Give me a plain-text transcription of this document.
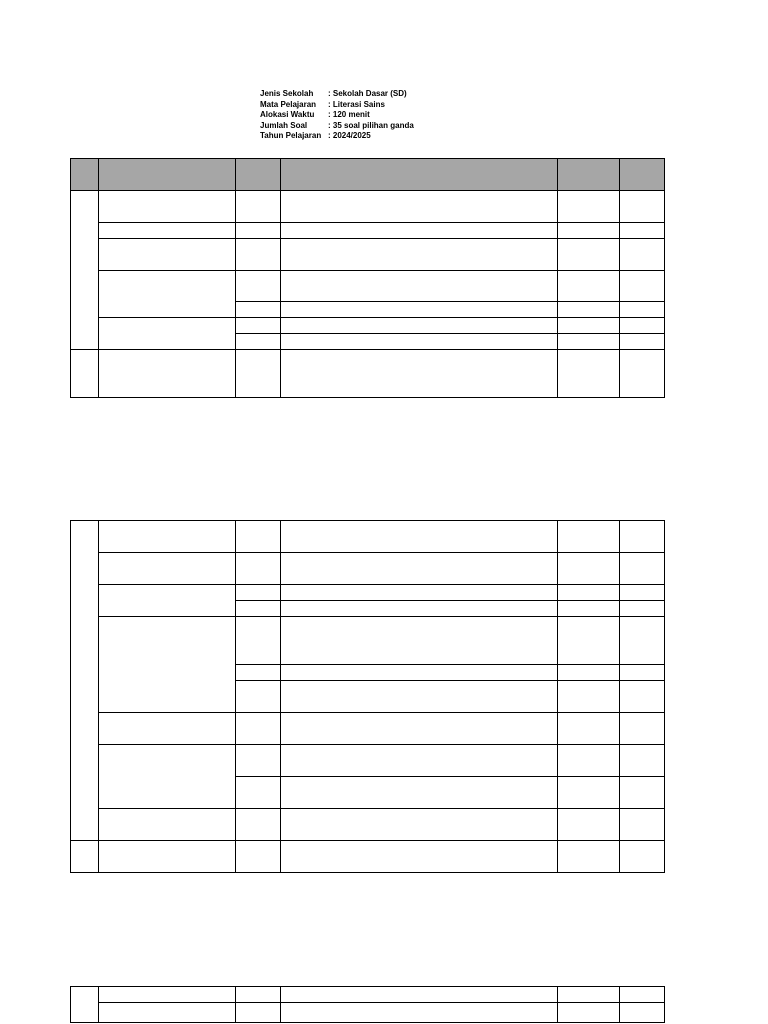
Jenis Sekolah	: Sekolah Dasar (SD)
Mata Pelajaran	: Literasi Sains
Alokasi Waktu	: 120 menit
Jumlah Soal	: 35 soal pilihan ganda
Tahun Pelajaran : 2024/2025
